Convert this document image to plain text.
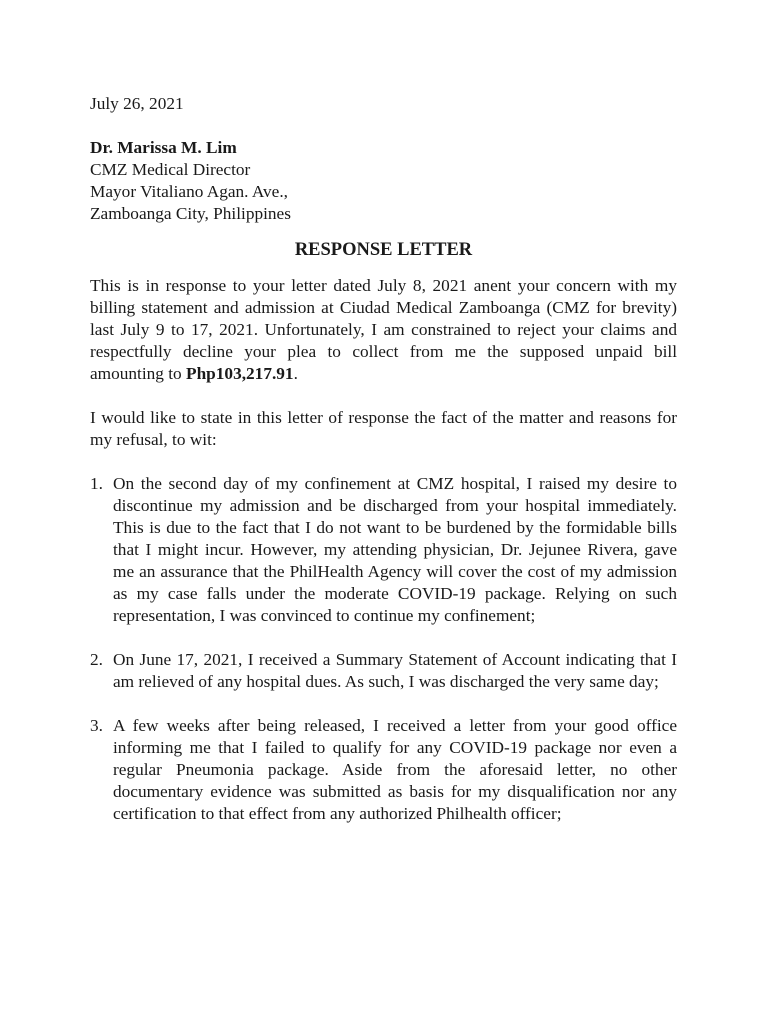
July 26, 2021

Dr. Marissa M. Lim

CMZ Medical Director

Mayor Vitaliano Agan. Ave.,

Zamboanga City, Philippines

RESPONSE LETTER

This is in response to your letter dated July 8, 2021 anent your concern with my billing statement and admission at Ciudad Medical Zamboanga (CMZ for brevity) last July 9 to 17, 2021. Unfortunately, I am constrained to reject your claims and respectfully decline your plea to collect from me the supposed unpaid bill amounting to Php103,217.91.

I would like to state in this letter of response the fact of the matter and reasons for my refusal, to wit:

1. On the second day of my confinement at CMZ hospital, I raised my desire to discontinue my admission and be discharged from your hospital immediately. This is due to the fact that I do not want to be burdened by the formidable bills that I might incur. However, my attending physician, Dr. Jejunee Rivera, gave me an assurance that the PhilHealth Agency will cover the cost of my admission as my case falls under the moderate COVID-19 package. Relying on such representation, I was convinced to continue my confinement;
2. On June 17, 2021, I received a Summary Statement of Account indicating that I am relieved of any hospital dues. As such, I was discharged the very same day;
3. A few weeks after being released, I received a letter from your good office informing me that I failed to qualify for any COVID-19 package nor even a regular Pneumonia package. Aside from the aforesaid letter, no other documentary evidence was submitted as basis for my disqualification nor any certification to that effect from any authorized Philhealth officer;
